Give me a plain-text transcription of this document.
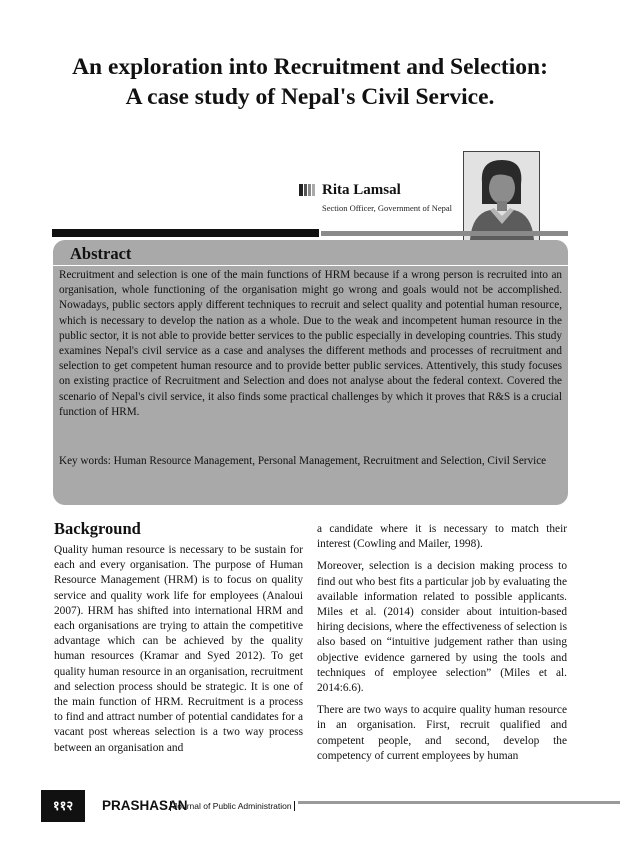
An exploration into Recruitment and Selection:
A case study of Nepal's Civil Service.
Rita Lamsal
Section Officer, Government of Nepal
Abstract

Recruitment and selection is one of the main functions of HRM because if a wrong person is recruited into an organisation, whole functioning of the organisation might go wrong and goals would not be accomplished. Nowadays, public sectors apply different techniques to recruit and select quality and potential human resource, which is necessary to develop the nation as a whole. Due to the weak and incompetent human resource in the public sector, it is not able to provide better services to the public especially in developing countries. This study examines Nepal's civil service as a case and analyses the different methods and processes of recruitment and selection to get competent human resource and to provide better public services. Attentively, this study focuses on existing practice of Recruitment and Selection and does not analyse about the federal context. Covered the scenario of Nepal's civil service, it also finds some practical challenges by which it proves that R&S is a crucial function of HRM.

Key words: Human Resource Management, Personal Management, Recruitment and Selection, Civil Service

Background

Quality human resource is necessary to be sustain for each and every organisation. The purpose of Human Resource Management (HRM) is to focus on quality service and quality work life for employees (Analoui 2007). HRM has shifted into international HRM and each organisations are trying to attain the competitive advantage which can be achieved by the quality human resources (Kramar and Syed 2012). To get quality human resource in an organisation, recruitment and selection process should be strategic. It is one of the main function of HRM. Recruitment is a process to find and attract number of potential candidates for a vacant post whereas selection is a two way process between an organisation and

a candidate where it is necessary to match their interest (Cowling and Mailer, 1998).

Moreover, selection is a decision making process to find out who best fits a particular job by evaluating the available information related to possible applicants. Miles et al. (2014) consider about intuition-based hiring decisions, where the effectiveness of selection is also based on “intuitive judgement rather than using objective evidence garnered by using the tools and techniques of employee selection” (Miles et al. 2014:6.6).

There are two ways to acquire quality human resource in an organisation. First, recruit qualified and competent people, and second, develop the competency of current employees by human

११२	PRASHASAN
Journal of Public Administration
